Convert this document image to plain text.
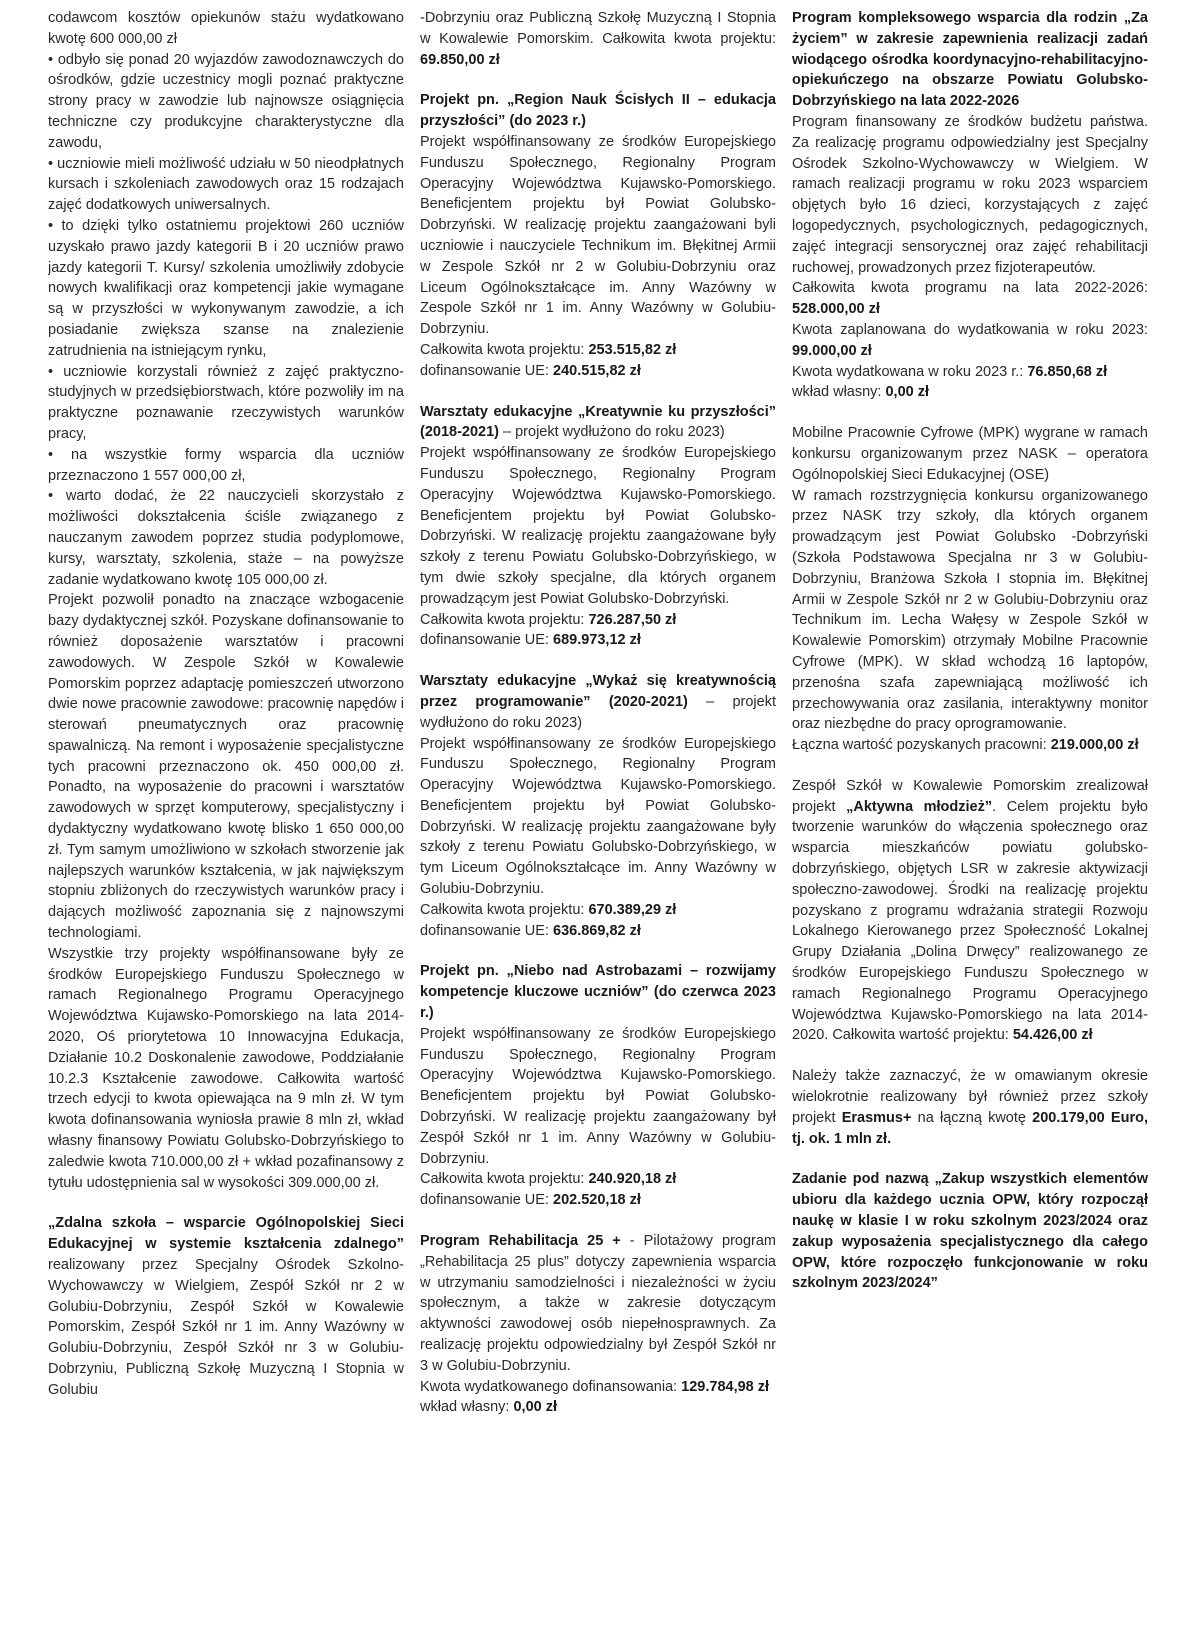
codawcom kosztów opiekunów stażu wydatkowano kwotę 600 000,00 zł

• odbyło się ponad 20 wyjazdów zawodoznawczych do ośrodków, gdzie uczestnicy mogli poznać praktyczne strony pracy w zawodzie lub najnowsze osiągnięcia techniczne czy produkcyjne charakterystyczne dla zawodu,

• uczniowie mieli możliwość udziału w 50 nieodpłatnych kursach i szkoleniach zawodowych oraz 15 rodzajach zajęć dodatkowych uniwersalnych.

• to dzięki tylko ostatniemu projektowi 260 uczniów uzyskało prawo jazdy kategorii B i 20 uczniów prawo jazdy kategorii T. Kursy/ szkolenia umożliwiły zdobycie nowych kwalifikacji oraz kompetencji jakie wymagane są w przyszłości w wykonywanym zawodzie, a ich posiadanie zwiększa szanse na znalezienie zatrudnienia na istniejącym rynku,

• uczniowie korzystali również z zajęć praktyczno-studyjnych w przedsiębiorstwach, które pozwoliły im na praktyczne poznawanie rzeczywistych warunków pracy,

• na wszystkie formy wsparcia dla uczniów przeznaczono 1 557 000,00 zł,

• warto dodać, że 22 nauczycieli skorzystało z możliwości dokształcenia ściśle związanego z nauczanym zawodem poprzez studia podyplomowe, kursy, warsztaty, szkolenia, staże – na powyższe zadanie wydatkowano kwotę 105 000,00 zł.

Projekt pozwolił ponadto na znaczące wzbogacenie bazy dydaktycznej szkół. Pozyskane dofinansowanie to również doposażenie warsztatów i pracowni zawodowych. W Zespole Szkół w Kowalewie Pomorskim poprzez adaptację pomieszczeń utworzono dwie nowe pracownie zawodowe: pracownię napędów i sterowań pneumatycznych oraz pracownię spawalniczą. Na remont i wyposażenie specjalistyczne tych pracowni przeznaczono ok. 450 000,00 zł. Ponadto, na wyposażenie do pracowni i warsztatów zawodowych w sprzęt komputerowy, specjalistyczny i dydaktyczny wydatkowano kwotę blisko 1 650 000,00 zł. Tym samym umożliwiono w szkołach stworzenie jak najlepszych warunków kształcenia, w jak największym stopniu zbliżonych do rzeczywistych warunków pracy i dających możliwość zapoznania się z najnowszymi technologiami.

Wszystkie trzy projekty współfinansowane były ze środków Europejskiego Funduszu Społecznego w ramach Regionalnego Programu Operacyjnego Województwa Kujawsko-Pomorskiego na lata 2014-2020, Oś priorytetowa 10 Innowacyjna Edukacja, Działanie 10.2 Doskonalenie zawodowe, Poddziałanie 10.2.3 Kształcenie zawodowe. Całkowita wartość trzech edycji to kwota opiewająca na 9 mln zł. W tym kwota dofinansowania wyniosła prawie 8 mln zł, wkład własny finansowy Powiatu Golubsko-Dobrzyńskiego to zaledwie kwota 710.000,00 zł + wkład pozafinansowy z tytułu udostępnienia sal w wysokości 309.000,00 zł.

„Zdalna szkoła – wsparcie Ogólnopolskiej Sieci Edukacyjnej w systemie kształcenia zdalnego” realizowany przez Specjalny Ośrodek Szkolno-Wychowawczy w Wielgiem, Zespół Szkół nr 2 w Golubiu-Dobrzyniu, Zespół Szkół w Kowalewie Pomorskim, Zespół Szkół nr 1 im. Anny Wazówny w Golubiu-Dobrzyniu, Zespół Szkół nr 3 w Golubiu-Dobrzyniu, Publiczną Szkołę Muzyczną I Stopnia w Golubiu

-Dobrzyniu oraz Publiczną Szkołę Muzyczną I Stopnia w Kowalewie Pomorskim. Całkowita kwota projektu: 69.850,00 zł

Projekt pn. „Region Nauk Ścisłych II – edukacja przyszłości” (do 2023 r.)

Projekt współfinansowany ze środków Europejskiego Funduszu Społecznego, Regionalny Program Operacyjny Województwa Kujawsko-Pomorskiego. Beneficjentem projektu był Powiat Golubsko-Dobrzyński. W realizację projektu zaangażowani byli uczniowie i nauczyciele Technikum im. Błękitnej Armii w Zespole Szkół nr 2 w Golubiu-Dobrzyniu oraz Liceum Ogólnokształcące im. Anny Wazówny w Zespole Szkół nr 1 im. Anny Wazówny w Golubiu-Dobrzyniu.

Całkowita kwota projektu: 253.515,82 zł

dofinansowanie UE: 240.515,82 zł

Warsztaty edukacyjne „Kreatywnie ku przyszłości” (2018-2021) – projekt wydłużono do roku 2023)

Projekt współfinansowany ze środków Europejskiego Funduszu Społecznego, Regionalny Program Operacyjny Województwa Kujawsko-Pomorskiego. Beneficjentem projektu był Powiat Golubsko-Dobrzyński. W realizację projektu zaangażowane były szkoły z terenu Powiatu Golubsko-Dobrzyńskiego, w tym dwie szkoły specjalne, dla których organem prowadzącym jest Powiat Golubsko-Dobrzyński.

Całkowita kwota projektu: 726.287,50 zł

dofinansowanie UE: 689.973,12 zł

Warsztaty edukacyjne „Wykaż się kreatywnością przez programowanie” (2020-2021) – projekt wydłużono do roku 2023)

Projekt współfinansowany ze środków Europejskiego Funduszu Społecznego, Regionalny Program Operacyjny Województwa Kujawsko-Pomorskiego. Beneficjentem projektu był Powiat Golubsko-Dobrzyński. W realizację projektu zaangażowane były szkoły z terenu Powiatu Golubsko-Dobrzyńskiego, w tym Liceum Ogólnokształcące im. Anny Wazówny w Golubiu-Dobrzyniu.

Całkowita kwota projektu: 670.389,29 zł

dofinansowanie UE: 636.869,82 zł

Projekt pn. „Niebo nad Astrobazami – rozwijamy kompetencje kluczowe uczniów” (do czerwca 2023 r.)

Projekt współfinansowany ze środków Europejskiego Funduszu Społecznego, Regionalny Program Operacyjny Województwa Kujawsko-Pomorskiego. Beneficjentem projektu był Powiat Golubsko-Dobrzyński. W realizację projektu zaangażowany był Zespół Szkół nr 1 im. Anny Wazówny w Golubiu-Dobrzyniu.

Całkowita kwota projektu: 240.920,18 zł

dofinansowanie UE: 202.520,18 zł

Program Rehabilitacja 25 + - Pilotażowy program „Rehabilitacja 25 plus” dotyczy zapewnienia wsparcia w utrzymaniu samodzielności i niezależności w życiu społecznym, a także w zakresie dotyczącym aktywności zawodowej osób niepełnosprawnych. Za realizację projektu odpowiedzialny był Zespół Szkół nr 3 w Golubiu-Dobrzyniu.

Kwota wydatkowanego dofinansowania: 129.784,98 zł

wkład własny: 0,00 zł

Program kompleksowego wsparcia dla rodzin „Za życiem” w zakresie zapewnienia realizacji zadań wiodącego ośrodka koordynacyjno-rehabilitacyjno-opiekuńczego na obszarze Powiatu Golubsko-Dobrzyńskiego na lata 2022-2026

Program finansowany ze środków budżetu państwa. Za realizację programu odpowiedzialny jest Specjalny Ośrodek Szkolno-Wychowawczy w Wielgiem. W ramach realizacji programu w roku 2023 wsparciem objętych było 16 dzieci, korzystających z zajęć logopedycznych, psychologicznych, pedagogicznych, zajęć integracji sensorycznej oraz zajęć rehabilitacji ruchowej, prowadzonych przez fizjoterapeutów.

Całkowita kwota programu na lata 2022-2026: 528.000,00 zł

Kwota zaplanowana do wydatkowania w roku 2023: 99.000,00 zł

Kwota wydatkowana w roku 2023 r.: 76.850,68 zł

wkład własny: 0,00 zł

Mobilne Pracownie Cyfrowe (MPK) wygrane w ramach konkursu organizowanym przez NASK – operatora Ogólnopolskiej Sieci Edukacyjnej (OSE)

W ramach rozstrzygnięcia konkursu organizowanego przez NASK trzy szkoły, dla których organem prowadzącym jest Powiat Golubsko -Dobrzyński (Szkoła Podstawowa Specjalna nr 3 w Golubiu-Dobrzyniu, Branżowa Szkoła I stopnia im. Błękitnej Armii w Zespole Szkół nr 2 w Golubiu-Dobrzyniu oraz Technikum im. Lecha Wałęsy w Zespole Szkół w Kowalewie Pomorskim) otrzymały Mobilne Pracownie Cyfrowe (MPK). W skład wchodzą 16 laptopów, przenośna szafa zapewniającą możliwość ich przechowywania oraz zasilania, interaktywny monitor oraz niezbędne do pracy oprogramowanie.

Łączna wartość pozyskanych pracowni: 219.000,00 zł

Zespół Szkół w Kowalewie Pomorskim zrealizował projekt „Aktywna młodzież”. Celem projektu było tworzenie warunków do włączenia społecznego oraz wsparcia mieszkańców powiatu golubsko-dobrzyńskiego, objętych LSR w zakresie aktywizacji społeczno-zawodowej. Środki na realizację projektu pozyskano z programu wdrażania strategii Rozwoju Lokalnego Kierowanego przez Społeczność Lokalnej Grupy Działania „Dolina Drwęcy” realizowanego ze środków Europejskiego Funduszu Społecznego w ramach Regionalnego Programu Operacyjnego Województwa Kujawsko-Pomorskiego na lata 2014-2020. Całkowita wartość projektu: 54.426,00 zł

Należy także zaznaczyć, że w omawianym okresie wielokrotnie realizowany był również przez szkoły projekt Erasmus+ na łączną kwotę 200.179,00 Euro, tj. ok. 1 mln zł.

Zadanie pod nazwą „Zakup wszystkich elementów ubioru dla każdego ucznia OPW, który rozpoczął naukę w klasie I w roku szkolnym 2023/2024 oraz zakup wyposażenia specjalistycznego dla całego OPW, które rozpoczęło funkcjonowanie w roku szkolnym 2023/2024”
